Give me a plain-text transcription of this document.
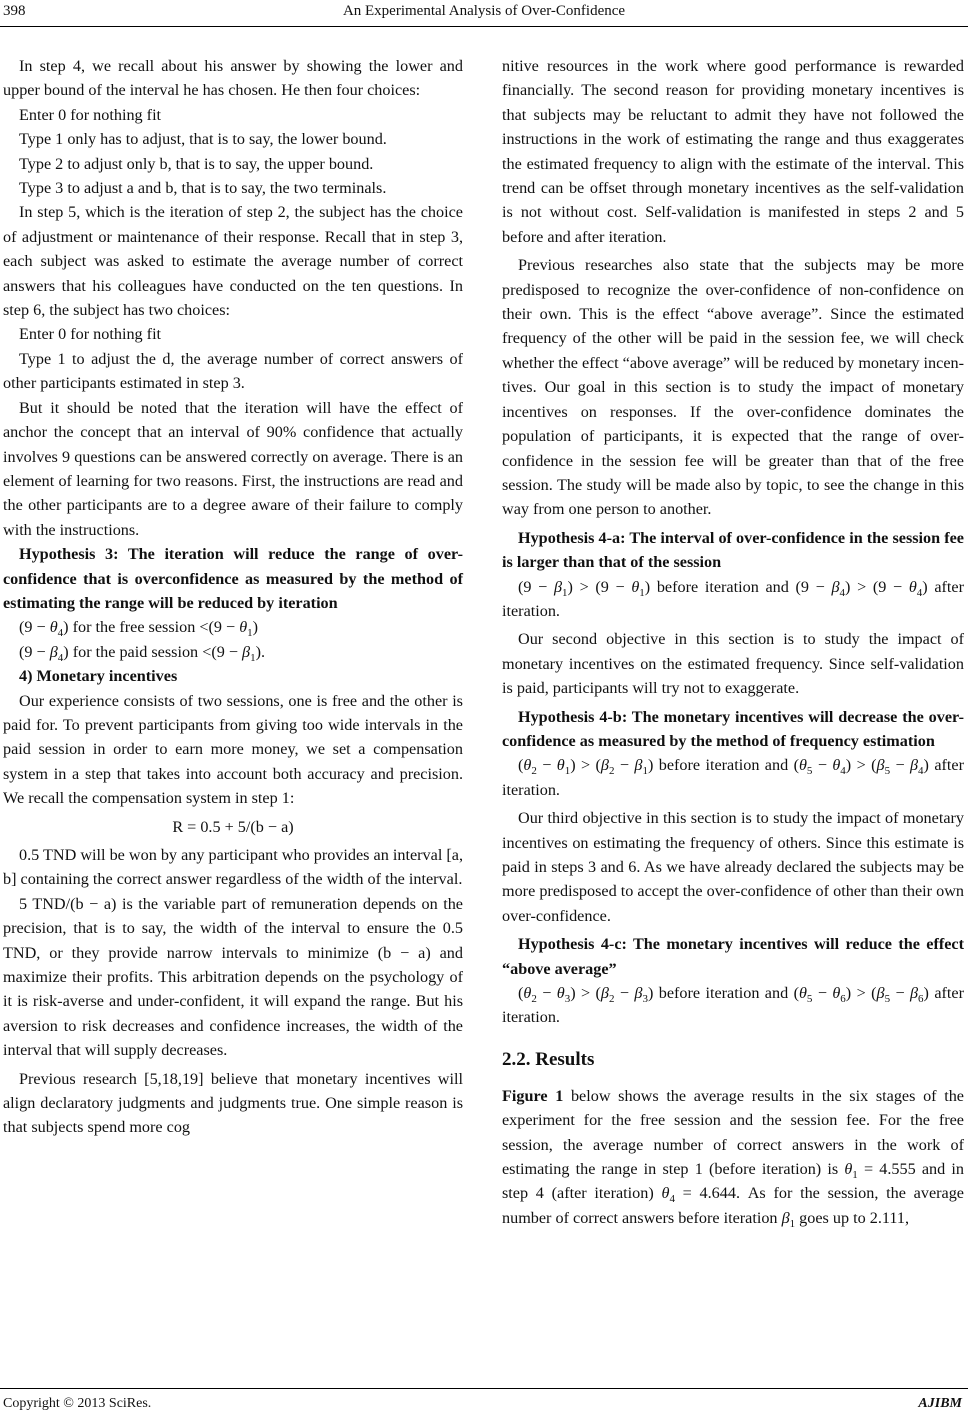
398	An Experimental Analysis of Over-Confidence

In step 4, we recall about his answer by showing the lower and upper bound of the interval he has chosen. He then four choices:

Enter 0 for nothing fit

Type 1 only has to adjust, that is to say, the lower bound.

Type 2 to adjust only b, that is to say, the upper bound.

Type 3 to adjust a and b, that is to say, the two terminals.

In step 5, which is the iteration of step 2, the subject has the choice of adjustment or maintenance of their response. Recall that in step 3, each subject was asked to estimate the average number of correct answers that his colleagues have conducted on the ten questions. In step 6, the subject has two choices:

Enter 0 for nothing fit

Type 1 to adjust the d, the average number of correct answers of other participants estimated in step 3.

But it should be noted that the iteration will have the effect of anchor the concept that an interval of 90% confidence that actually involves 9 questions can be answered correctly on average. There is an element of learning for two reasons. First, the instructions are read and the other participants are to a degree aware of their failure to comply with the instructions.

Hypothesis 3: The iteration will reduce the range of over-confidence that is overconfidence as measured by the method of estimating the range will be reduced by iteration

$(9 - \theta_4)$ for the free session $<(9 - \theta_1)$

$(9 - \beta_4)$ for the paid session $<(9 - \beta_1)$.

4) Monetary incentives

Our experience consists of two sessions, one is free and the other is paid for. To prevent participants from giving too wide intervals in the paid session in order to earn more money, we set a compensation system in a step that takes into account both accuracy and precision. We recall the compensation system in step 1:

R = 0.5 + 5/(b − a)

0.5 TND will be won by any participant who provides an interval [a, b] containing the correct answer regardless of the width of the interval.

5 TND/(b − a) is the variable part of remuneration depends on the precision, that is to say, the width of the interval to ensure the 0.5 TND, or they provide narrow intervals to minimize (b − a) and maximize their profits. This arbitration depends on the psychology of it is risk-averse and under-confident, it will expand the range. But his aversion to risk decreases and confidence increases, the width of the interval that will supply decreases.

Previous research [5,18,19] believe that monetary incentives will align declaratory judgments and judgments true. One simple reason is that subjects spend more cog

nitive resources in the work where good performance is rewarded financially. The second reason for providing monetary incentives is that subjects may be reluctant to admit they have not followed the instructions in the work of estimating the range and thus exaggerates the estimated frequency to align with the estimate of the interval. This trend can be offset through monetary incentives as the self-validation is not without cost. Self-validation is manifested in steps 2 and 5 before and after iteration.

Previous researches also state that the subjects may be more predisposed to recognize the over-confidence of non-confidence on their own. This is the effect “above average”. Since the estimated frequency of the other will be paid in the session fee, we will check whether the effect “above average” will be reduced by monetary incentives. Our goal in this section is to study the impact of monetary incentives on responses. If the over-confidence dominates the population of participants, it is expected that the range of over-confidence in the session fee will be greater than that of the free session. The study will be made also by topic, to see the change in this way from one person to another.

Hypothesis 4-a: The interval of over-confidence in the session fee is larger than that of the session

$(9 - \beta_1) > (9 - \theta_1)$ before iteration and $(9 - \beta_4) > (9 - \theta_4)$ after iteration.

Our second objective in this section is to study the impact of monetary incentives on the estimated frequency. Since self-validation is paid, participants will try not to exaggerate.

Hypothesis 4-b: The monetary incentives will decrease the over-confidence as measured by the method of frequency estimation

$(\theta_2 - \theta_1) > (\beta_2 - \beta_1)$ before iteration and $(\theta_5 - \theta_4) > (\beta_5 - \beta_4)$ after iteration.

Our third objective in this section is to study the impact of monetary incentives on estimating the frequency of others. Since this estimate is paid in steps 3 and 6. As we have already declared the subjects may be more predisposed to accept the over-confidence of other than their own over-confidence.

Hypothesis 4-c: The monetary incentives will reduce the effect “above average”

$(\theta_2 - \theta_3) > (\beta_2 - \beta_3)$ before iteration and $(\theta_5 - \theta_6) > (\beta_5 - \beta_6)$ after iteration.

2.2. Results

Figure 1 below shows the average results in the six stages of the experiment for the free session and the session fee. For the free session, the average number of correct answers in the work of estimating the range in step 1 (before iteration) is $\theta_1 = 4.555$ and in step 4 (after iteration) $\theta_4 = 4.644$. As for the session, the average number of correct answers before iteration $\beta_1$ goes up to 2.111,

Copyright © 2013 SciRes.	AJIBM
